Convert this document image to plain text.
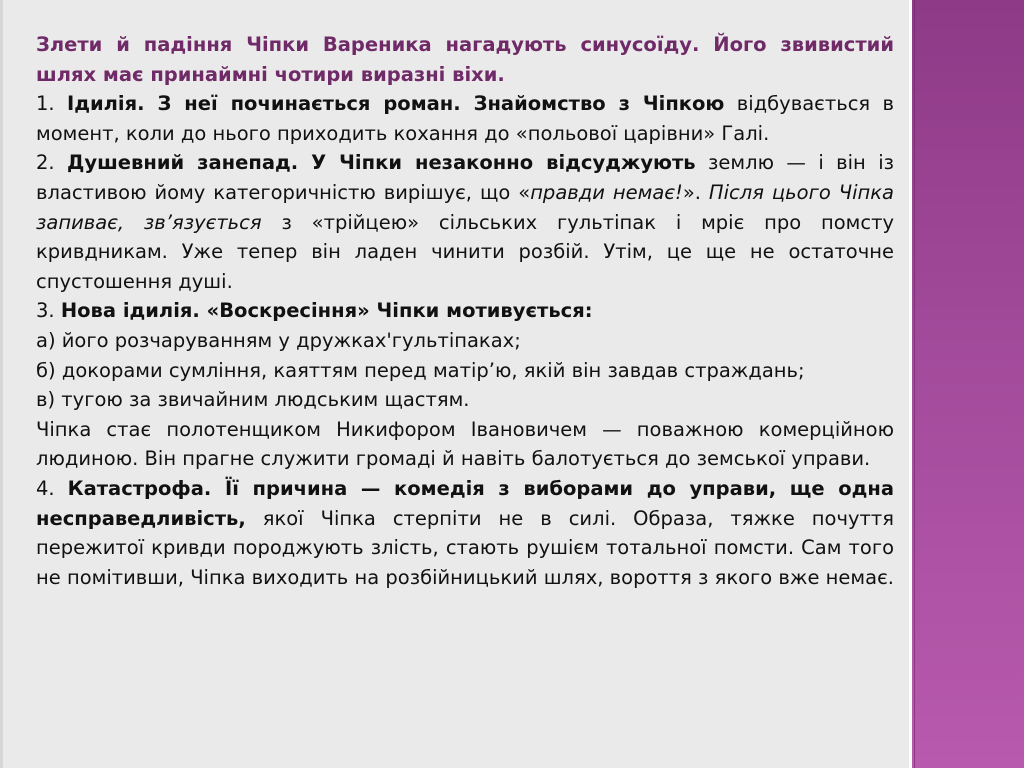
Злети й падіння Чіпки Вареника нагадують синусоїду. Його звивистий шлях має принаймні чотири виразні віхи.

1. Ідилія. З неї починається роман. Знайомство з Чіпкою відбувається в момент, коли до нього приходить кохання до «польової царівни» Галі.

2. Душевний занепад. У Чіпки незаконно відсуджують землю — і він із властивою йому категоричністю вирішує, що «правди немає!». Після цього Чіпка запиває, зв’язується з «трійцею» сільських гультіпак і мріє про помсту кривдникам. Уже тепер він ладен чинити розбій. Утім, це ще не остаточне спустошення душі.

3. Нова ідилія. «Воскресіння» Чіпки мотивується:

а) його розчаруванням у дружках'гультіпаках;

б) докорами сумління, каяттям перед матір’ю, якій він завдав страждань;

в) тугою за звичайним людським щастям.

Чіпка стає полотенщиком Никифором Івановичем — поважною комерційною людиною. Він прагне служити громаді й навіть балотується до земської управи.

4. Катастрофа. Її причина — комедія з виборами до управи, ще одна несправедливість, якої Чіпка стерпіти не в силі. Образа, тяжке почуття пережитої кривди породжують злість, стають рушієм тотальної помсти. Сам того не помітивши, Чіпка виходить на розбійницький шлях, вороття з якого вже немає.
